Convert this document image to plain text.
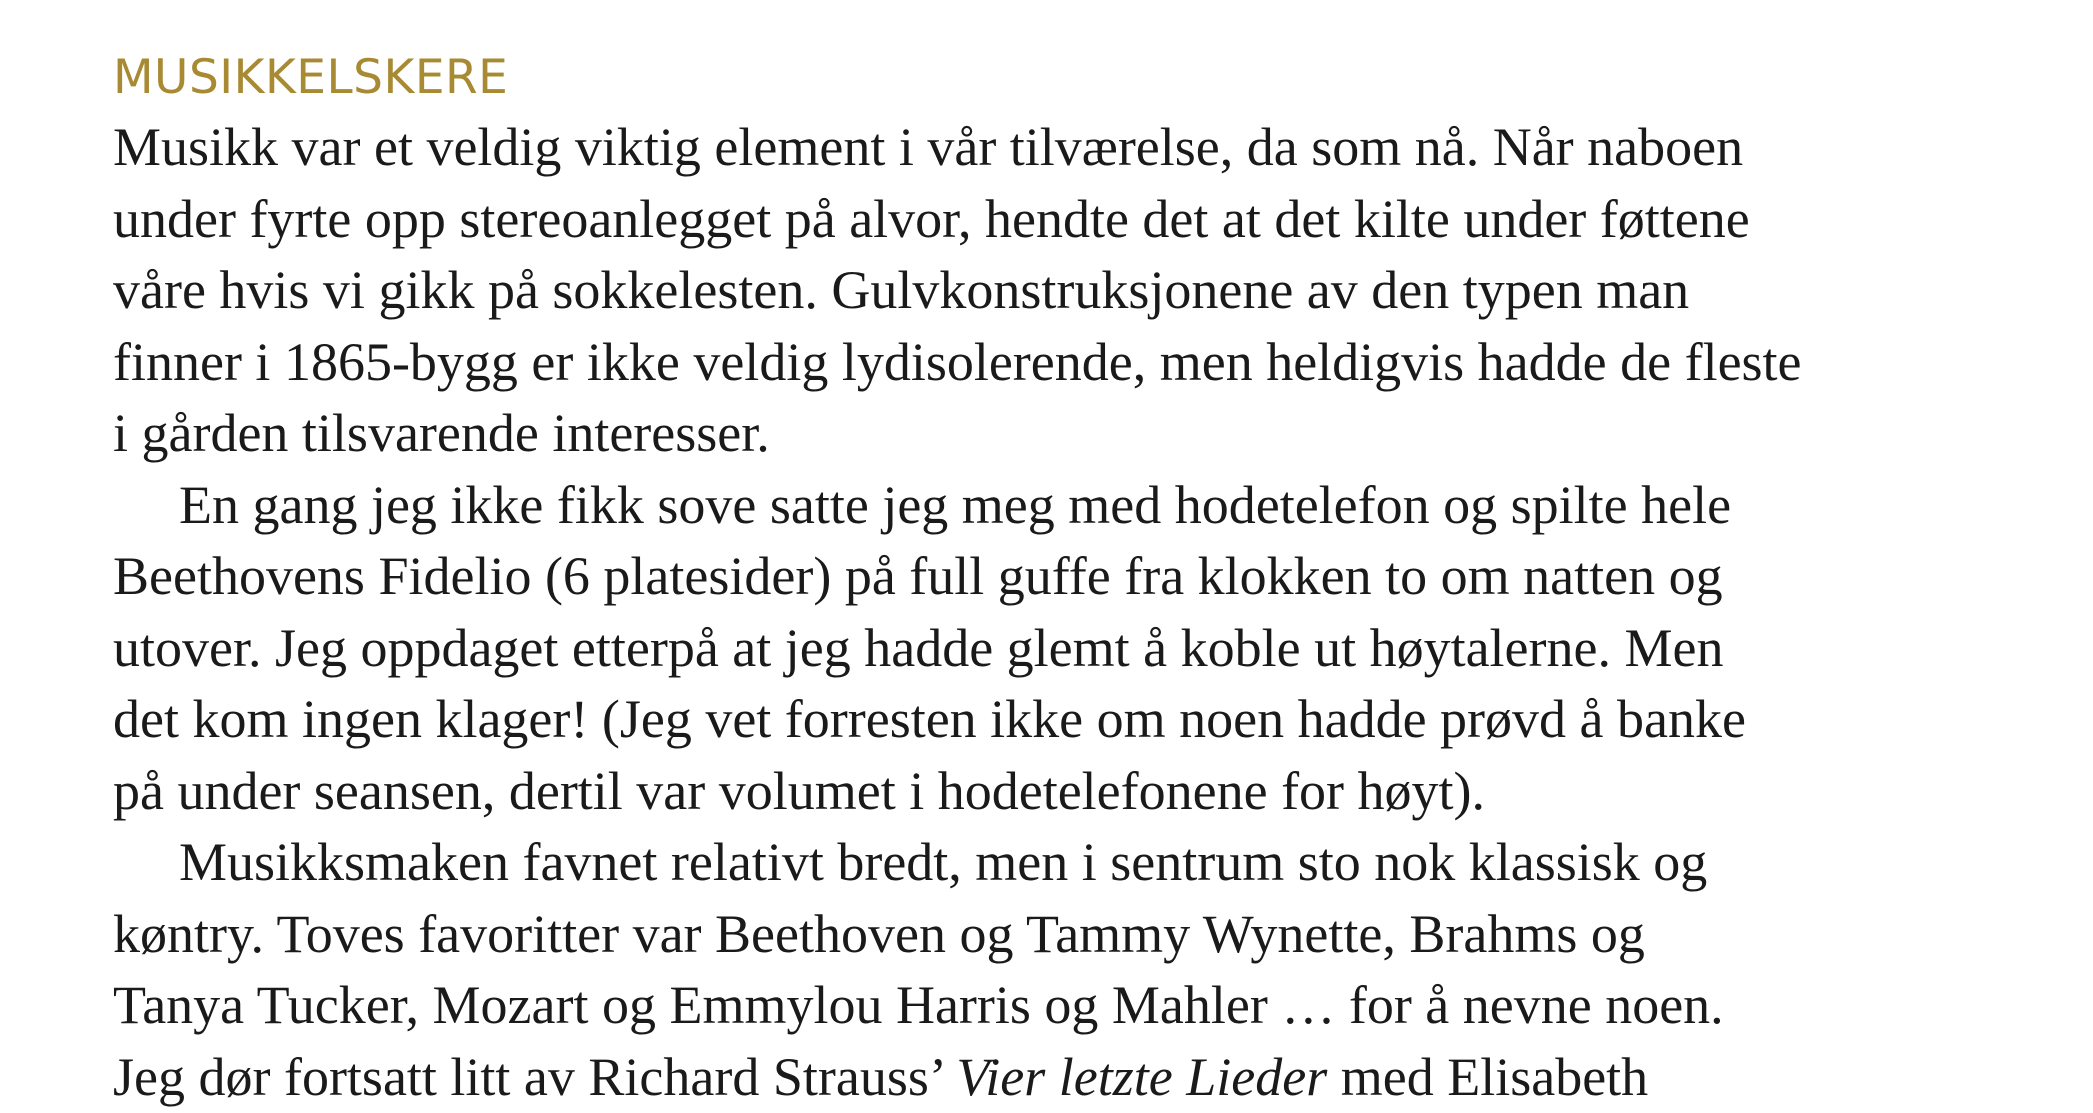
MUSIKKELSKERE
Musikk var et veldig viktig element i vår tilværelse, da som nå. Når naboen
under fyrte opp stereoanlegget på alvor, hendte det at det kilte under føttene
våre hvis vi gikk på sokkelesten. Gulvkonstruksjonene av den typen man
finner i 1865-bygg er ikke veldig lydisolerende, men heldigvis hadde de fleste
i gården tilsvarende interesser.
En gang jeg ikke fikk sove satte jeg meg med hodetelefon og spilte hele
Beethovens Fidelio (6 platesider) på full guffe fra klokken to om natten og
utover. Jeg oppdaget etterpå at jeg hadde glemt å koble ut høytalerne. Men
det kom ingen klager! (Jeg vet forresten ikke om noen hadde prøvd å banke
på under seansen, dertil var volumet i hodetelefonene for høyt).
Musikksmaken favnet relativt bredt, men i sentrum sto nok klassisk og
køntry. Toves favoritter var Beethoven og Tammy Wynette, Brahms og
Tanya Tucker, Mozart og Emmylou Harris og Mahler … for å nevne noen.
Jeg dør fortsatt litt av Richard Strauss’ Vier letzte Lieder med Elisabeth
